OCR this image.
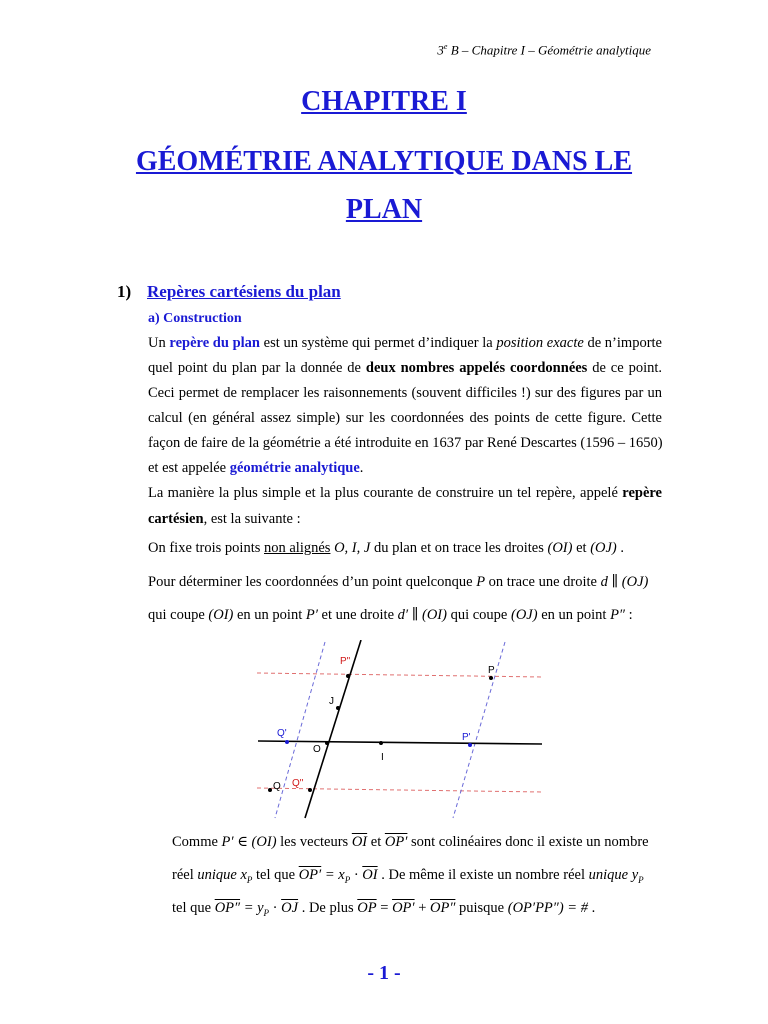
3e B – Chapitre I – Géométrie analytique
CHAPITRE I
GÉOMÉTRIE ANALYTIQUE DANS LE
PLAN
1) Repères cartésiens du plan
a) Construction
Un repère du plan est un système qui permet d’indiquer la position exacte de n’importe
quel point du plan par la donnée de deux nombres appelés coordonnées de ce point.
Ceci permet de remplacer les raisonnements (souvent difficiles !) sur des figures par un
calcul (en général assez simple) sur les coordonnées des points de cette figure. Cette
façon de faire de la géométrie a été introduite en 1637 par René Descartes (1596 – 1650)
et est appelée géométrie analytique.
La manière la plus simple et la plus courante de construire un tel repère, appelé repère
cartésien, est la suivante :
On fixe trois points non alignés O, I, J du plan et on trace les droites (OI) et (OJ) .
Pour déterminer les coordonnées d’un point quelconque P on trace une droite d ∥ (OJ)
qui coupe (OI) en un point P′ et une droite d′ ∥ (OI) qui coupe (OJ) en un point P″ :
P"
P
J
Q'	P'
O
I
Q Q"
Comme P′ ∈ (OI) les vecteurs $\overline{OI}$ et OP′ sont colinéaires donc il existe un nombre
réel unique $x_P$ tel que $OP' = x_P \cdot \overline{OI}$ . De même il existe un nombre réel unique $y_P$
tel que $OP'' = y_P \cdot \overline{OJ}$ . De plus $\overline{OP} = OP' + OP''$ puisque (OP′PP″) = # .
- 1 -
